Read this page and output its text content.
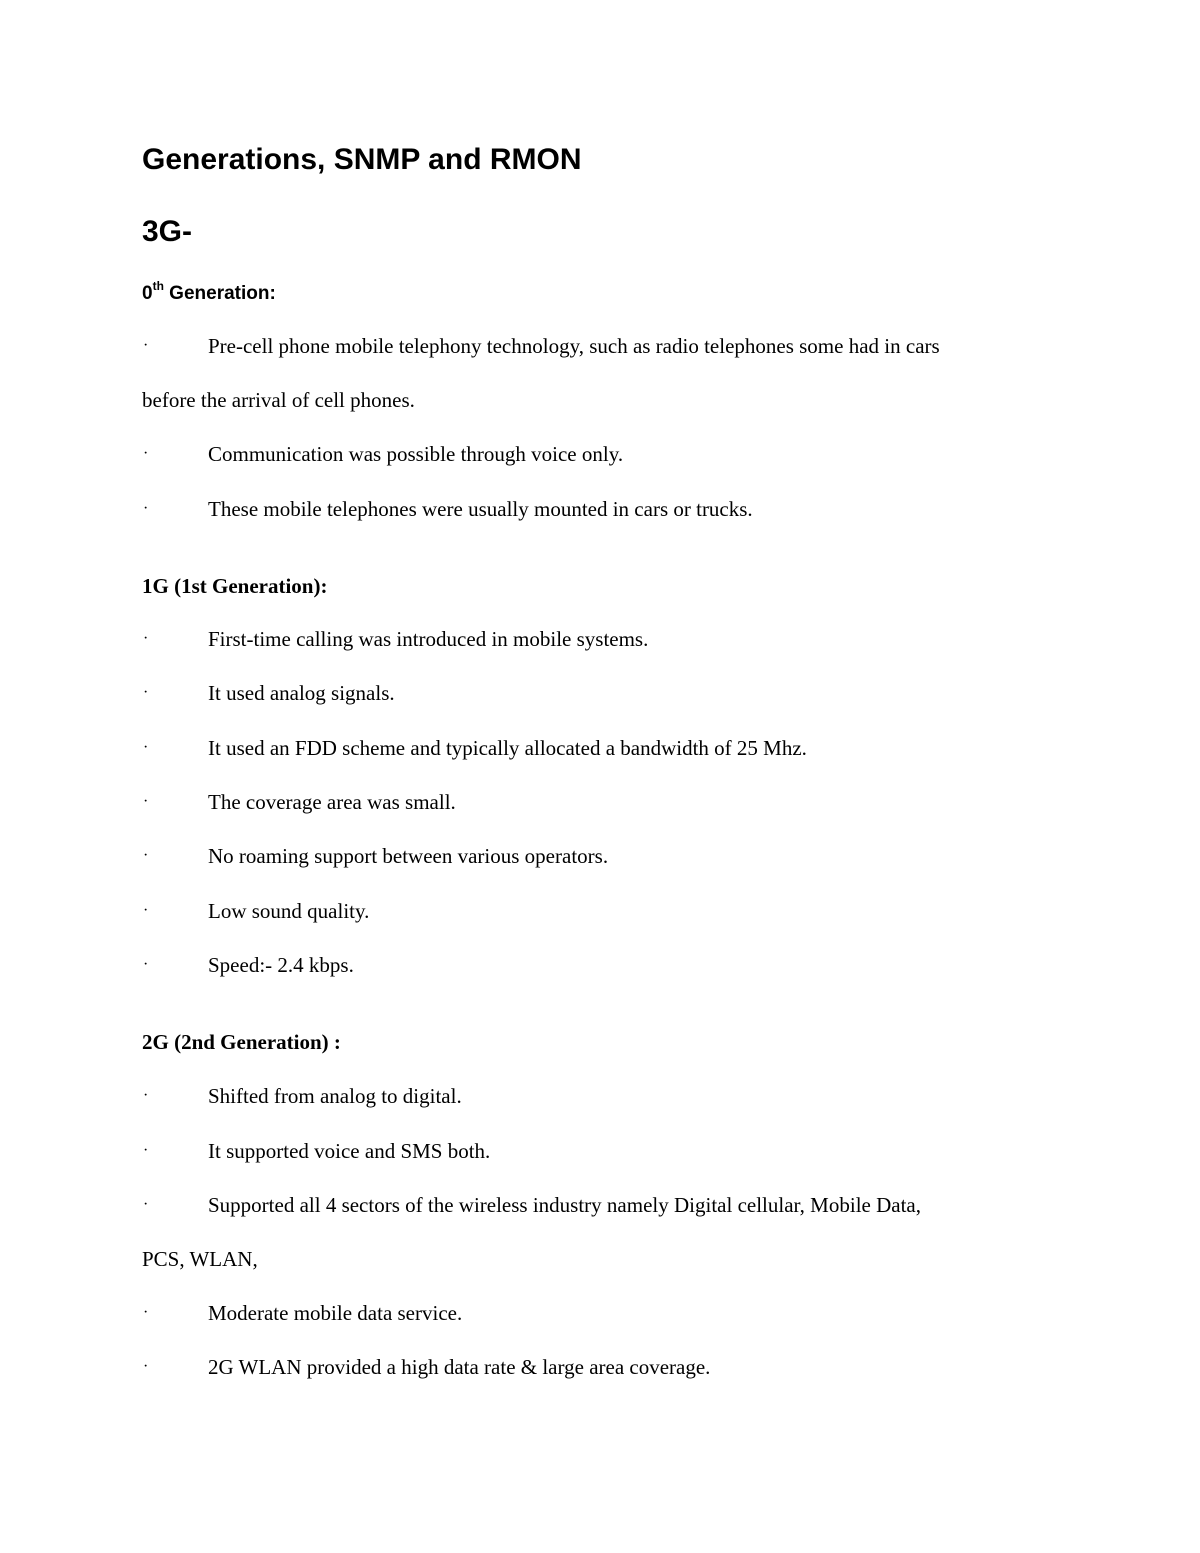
Generations, SNMP and RMON
3G-
0th Generation:
·	Pre-cell phone mobile telephony technology, such as radio telephones some had in cars
before the arrival of cell phones.
·	Communication was possible through voice only.
·	These mobile telephones were usually mounted in cars or trucks.
1G (1st Generation):
·	First-time calling was introduced in mobile systems.
·	It used analog signals.
·	It used an FDD scheme and typically allocated a bandwidth of 25 Mhz.
·	The coverage area was small.
·	No roaming support between various operators.
·	Low sound quality.
·	Speed:- 2.4 kbps.
2G (2nd Generation) :
·	Shifted from analog to digital.
·	It supported voice and SMS both.
·	Supported all 4 sectors of the wireless industry namely Digital cellular, Mobile Data,
PCS, WLAN,
·	Moderate mobile data service.
·	2G WLAN provided a high data rate & large area coverage.
